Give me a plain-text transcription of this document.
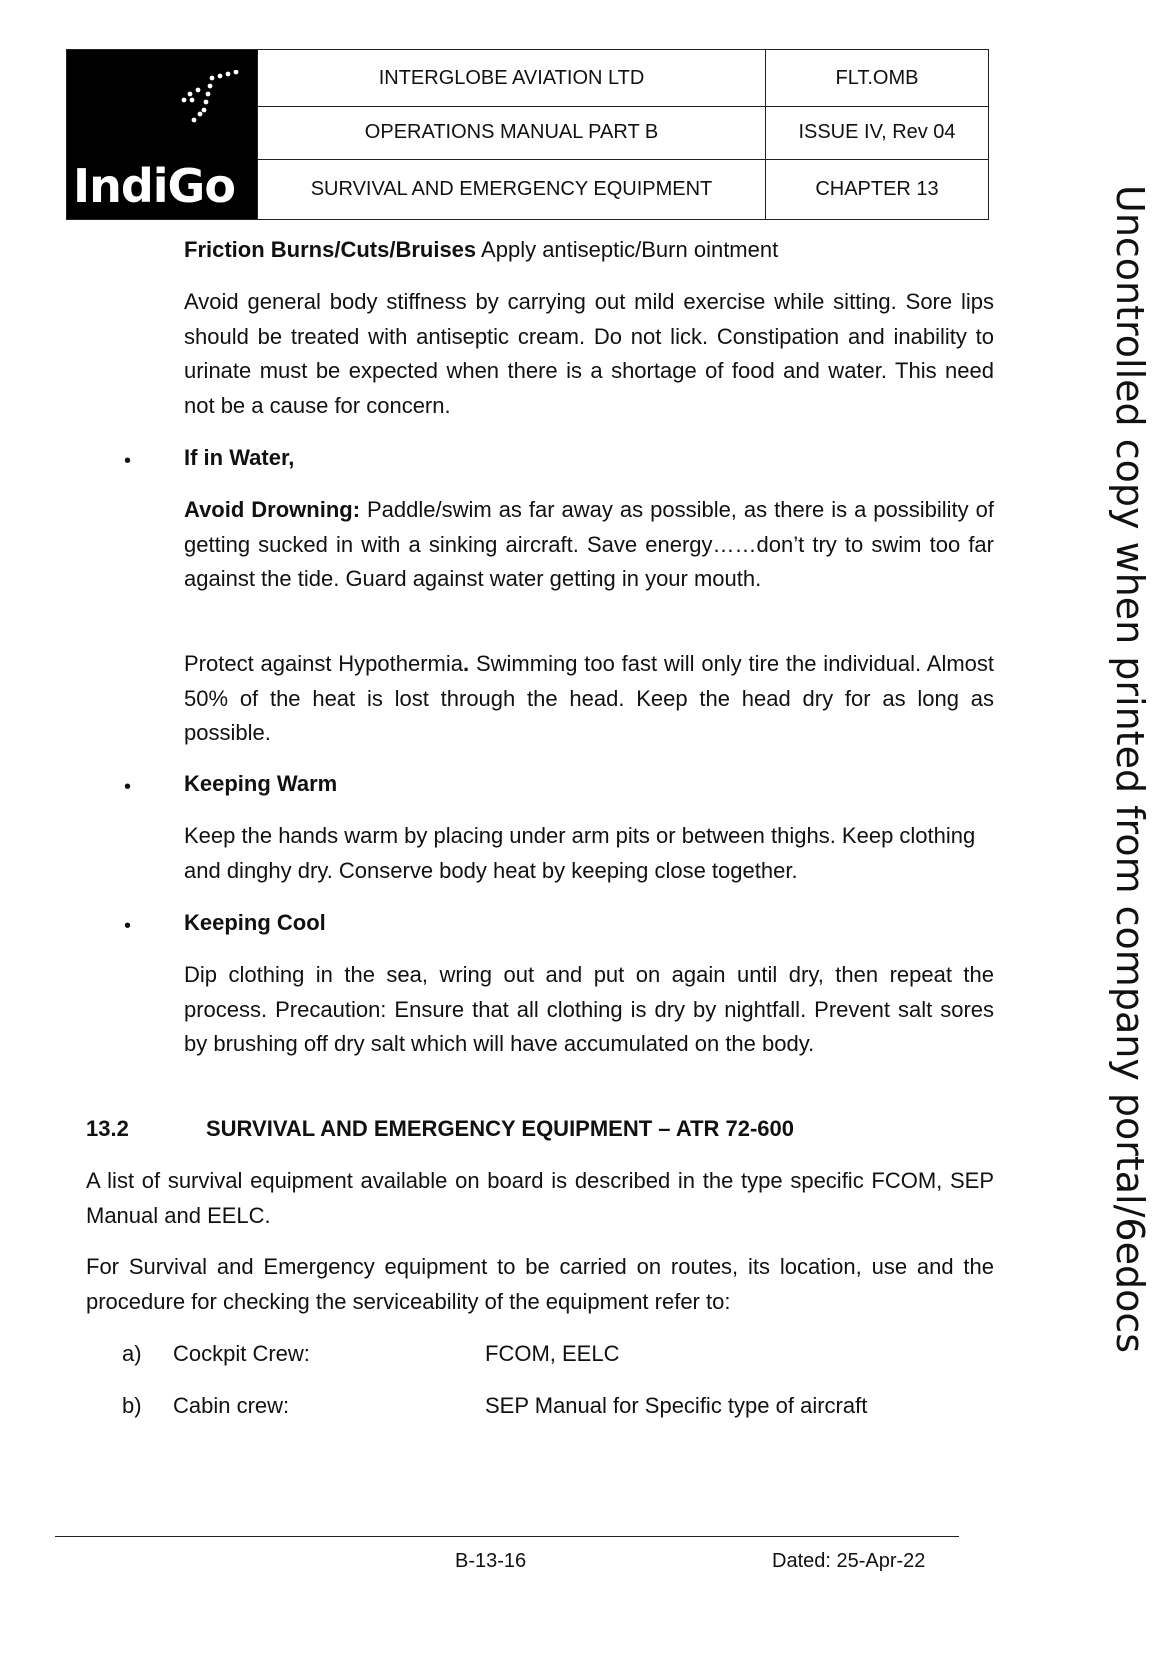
IndiGo	INTERGLOBE AVIATION LTD	FLT.OMB
	OPERATIONS MANUAL PART B	ISSUE IV, Rev 04
	SURVIVAL AND EMERGENCY EQUIPMENT	CHAPTER 13	Uncontrolled copy when printed from company portal/6edocs
Friction Burns/Cuts/Bruises Apply antiseptic/Burn ointment
Avoid general body stiffness by carrying out mild exercise while sitting. Sore lips should be treated with antiseptic cream. Do not lick. Constipation and inability to urinate must be expected when there is a shortage of food and water. This need not be a cause for concern.
• If in Water,
Avoid Drowning: Paddle/swim as far away as possible, as there is a possibility of getting sucked in with a sinking aircraft. Save energy……don’t try to swim too far against the tide. Guard against water getting in your mouth.
Protect against Hypothermia. Swimming too fast will only tire the individual. Almost 50% of the heat is lost through the head. Keep the head dry for as long as possible.
• Keeping Warm
Keep the hands warm by placing under arm pits or between thighs. Keep clothing and dinghy dry. Conserve body heat by keeping close together.
• Keeping Cool
Dip clothing in the sea, wring out and put on again until dry, then repeat the process. Precaution: Ensure that all clothing is dry by nightfall. Prevent salt sores by brushing off dry salt which will have accumulated on the body.
13.2	SURVIVAL AND EMERGENCY EQUIPMENT – ATR 72-600
A list of survival equipment available on board is described in the type specific FCOM, SEP Manual and EELC.
For Survival and Emergency equipment to be carried on routes, its location, use and the procedure for checking the serviceability of the equipment refer to:
a) Cockpit Crew:	FCOM, EELC
b) Cabin crew:	SEP Manual for Specific type of aircraft
B-13-16	Dated: 25-Apr-22
